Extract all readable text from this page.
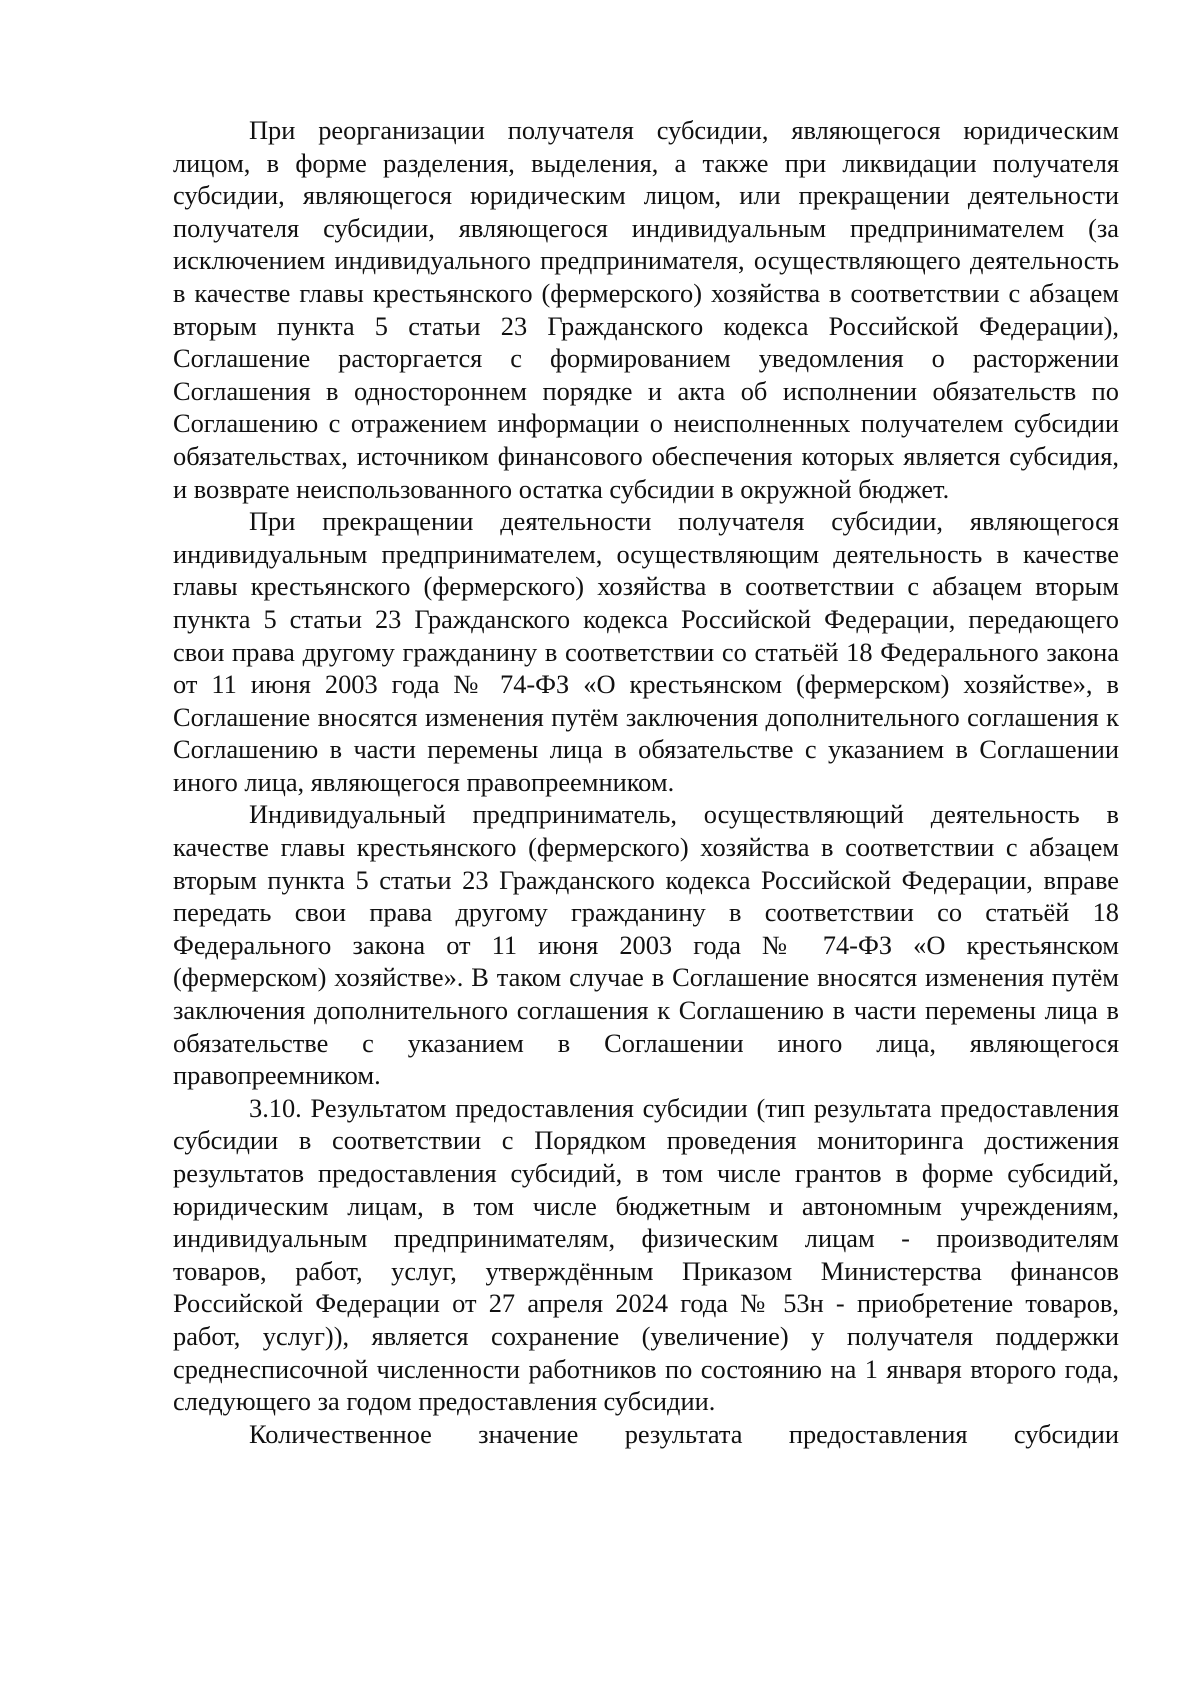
При реорганизации получателя субсидии, являющегося юридическим лицом, в форме разделения, выделения, а также при ликвидации получателя субсидии, являющегося юридическим лицом, или прекращении деятельности получателя субсидии, являющегося индивидуальным предпринимателем (за исключением индивидуального предпринимателя, осуществляющего деятельность в качестве главы крестьянского (фермерского) хозяйства в соответствии с абзацем вторым пункта 5 статьи 23 Гражданского кодекса Российской Федерации), Соглашение расторгается с формированием уведомления о расторжении Соглашения в одностороннем порядке и акта об исполнении обязательств по Соглашению с отражением информации о неисполненных получателем субсидии обязательствах, источником финансового обеспечения которых является субсидия, и возврате неиспользованного остатка субсидии в окружной бюджет.

При прекращении деятельности получателя субсидии, являющегося индивидуальным предпринимателем, осуществляющим деятельность в качестве главы крестьянского (фермерского) хозяйства в соответствии с абзацем вторым пункта 5 статьи 23 Гражданского кодекса Российской Федерации, передающего свои права другому гражданину в соответствии со статьёй 18 Федерального закона от 11 июня 2003 года № 74-ФЗ «О крестьянском (фермерском) хозяйстве», в Соглашение вносятся изменения путём заключения дополнительного соглашения к Соглашению в части перемены лица в обязательстве с указанием в Соглашении иного лица, являющегося правопреемником.

Индивидуальный предприниматель, осуществляющий деятельность в качестве главы крестьянского (фермерского) хозяйства в соответствии с абзацем вторым пункта 5 статьи 23 Гражданского кодекса Российской Федерации, вправе передать свои права другому гражданину в соответствии со статьёй 18 Федерального закона от 11 июня 2003 года № 74-ФЗ «О крестьянском (фермерском) хозяйстве». В таком случае в Соглашение вносятся изменения путём заключения дополнительного соглашения к Соглашению в части перемены лица в обязательстве с указанием в Соглашении иного лица, являющегося правопреемником.

3.10. Результатом предоставления субсидии (тип результата предоставления субсидии в соответствии с Порядком проведения мониторинга достижения результатов предоставления субсидий, в том числе грантов в форме субсидий, юридическим лицам, в том числе бюджетным и автономным учреждениям, индивидуальным предпринимателям, физическим лицам - производителям товаров, работ, услуг, утверждённым Приказом Министерства финансов Российской Федерации от 27 апреля 2024 года № 53н - приобретение товаров, работ, услуг)), является сохранение (увеличение) у получателя поддержки среднесписочной численности работников по состоянию на 1 января второго года, следующего за годом предоставления субсидии.

Количественное значение результата предоставления субсидии
